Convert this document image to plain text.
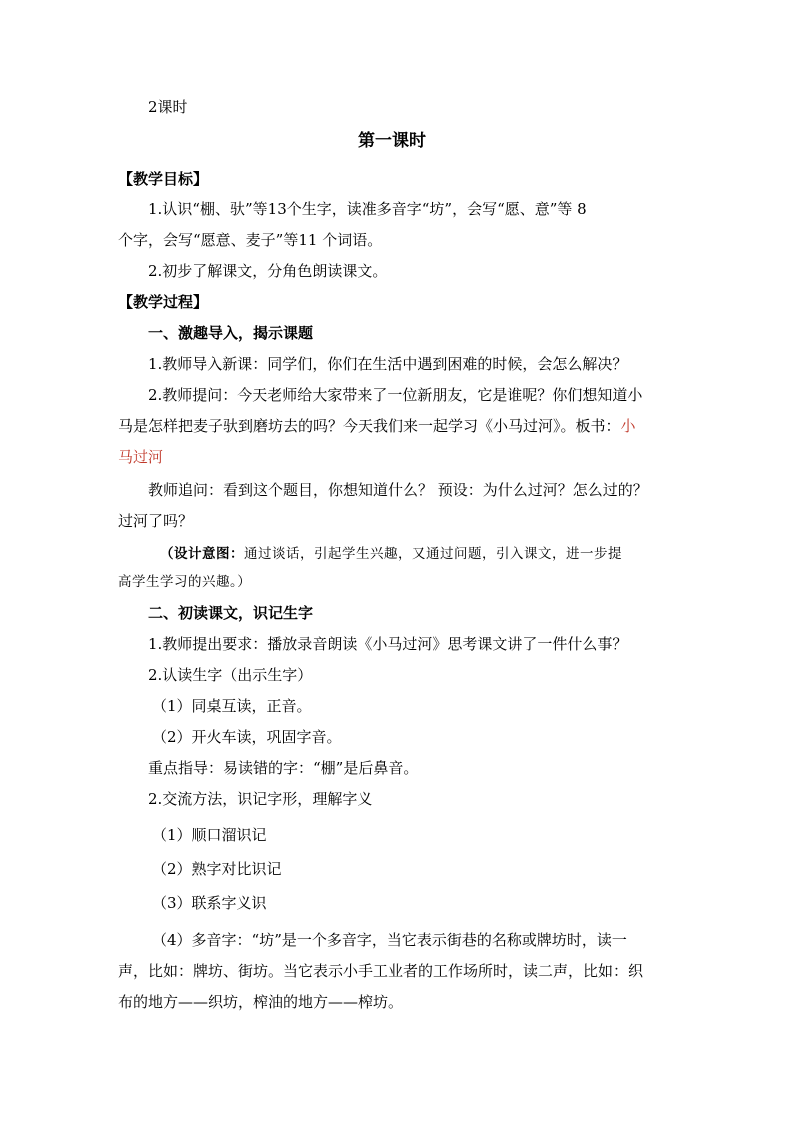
2课时
第一课时
【教学目标】
1.认识“棚、驮”等13个生字，读准多音字“坊”，会写“愿、意”等 8
个字，会写“愿意、麦子”等11 个词语。
2.初步了解课文，分角色朗读课文。
【教学过程】
一、激趣导入，揭示课题
1.教师导入新课：同学们，你们在生活中遇到困难的时候，会怎么解决？
2.教师提问：今天老师给大家带来了一位新朋友，它是谁呢？你们想知道小
马是怎样把麦子驮到磨坊去的吗？今天我们来一起学习《小马过河》。板书：小
马过河
教师追问：看到这个题目，你想知道什么？ 预设：为什么过河？怎么过的？
过河了吗？
（设计意图：通过谈话，引起学生兴趣，又通过问题，引入课文，进一步提
高学生学习的兴趣。）
二、初读课文，识记生字
1.教师提出要求：播放录音朗读《小马过河》思考课文讲了一件什么事？
2.认读生字（出示生字）
（1）同桌互读，正音。
（2）开火车读，巩固字音。
重点指导：易读错的字：“棚”是后鼻音。
2.交流方法，识记字形，理解字义
（1）顺口溜识记
（2）熟字对比识记
（3）联系字义识
（4）多音字：“坊”是一个多音字，当它表示街巷的名称或牌坊时，读一
声，比如：牌坊、街坊。当它表示小手工业者的工作场所时，读二声，比如：织
布的地方——织坊，榨油的地方——榨坊。
